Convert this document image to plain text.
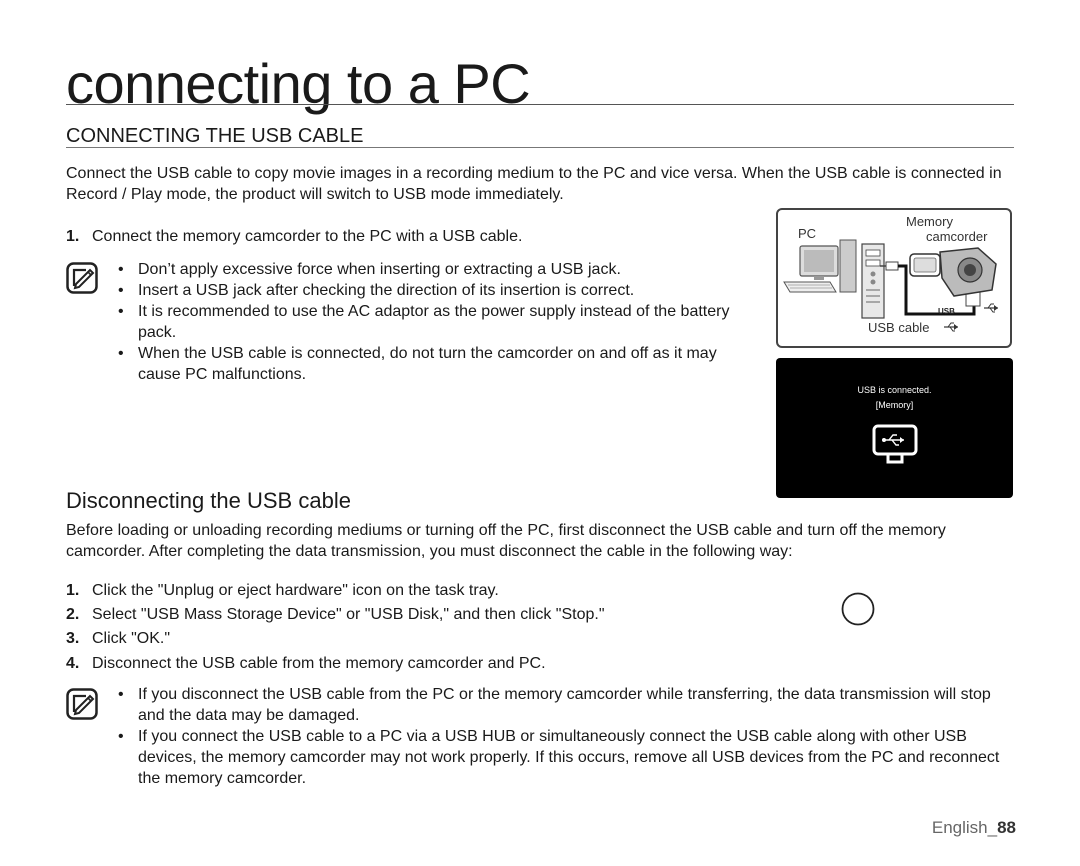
connecting to a PC
CONNECTING THE USB CABLE
Connect the USB cable to copy movie images in a recording medium to the PC and vice versa. When the USB cable is connected in Record / Play mode, the product will switch to USB mode immediately.
1. Connect the memory camcorder to the PC with a USB cable.
• Don’t apply excessive force when inserting or extracting a USB jack.
• Insert a USB jack after checking the direction of its insertion is correct.
• It is recommended to use the AC adaptor as the power supply instead of the battery pack.
• When the USB cable is connected, do not turn the camcorder on and off as it may cause PC malfunctions.
PC
Memory
camcorder
USB cable
USB
USB is connected.
[Memory]
Disconnecting the USB cable
Before loading or unloading recording mediums or turning off the PC, first disconnect the USB cable and turn off the memory camcorder. After completing the data transmission, you must disconnect the cable in the following way:
1. Click the "Unplug or eject hardware" icon on the task tray.
2. Select "USB Mass Storage Device" or "USB Disk," and then click "Stop."
3. Click "OK."
4. Disconnect the USB cable from the memory camcorder and PC.
• If you disconnect the USB cable from the PC or the memory camcorder while transferring, the data transmission will stop and the data may be damaged.
• If you connect the USB cable to a PC via a USB HUB or simultaneously connect the USB cable along with other USB devices, the memory camcorder may not work properly. If this occurs, remove all USB devices from the PC and reconnect the memory camcorder.
English_88
